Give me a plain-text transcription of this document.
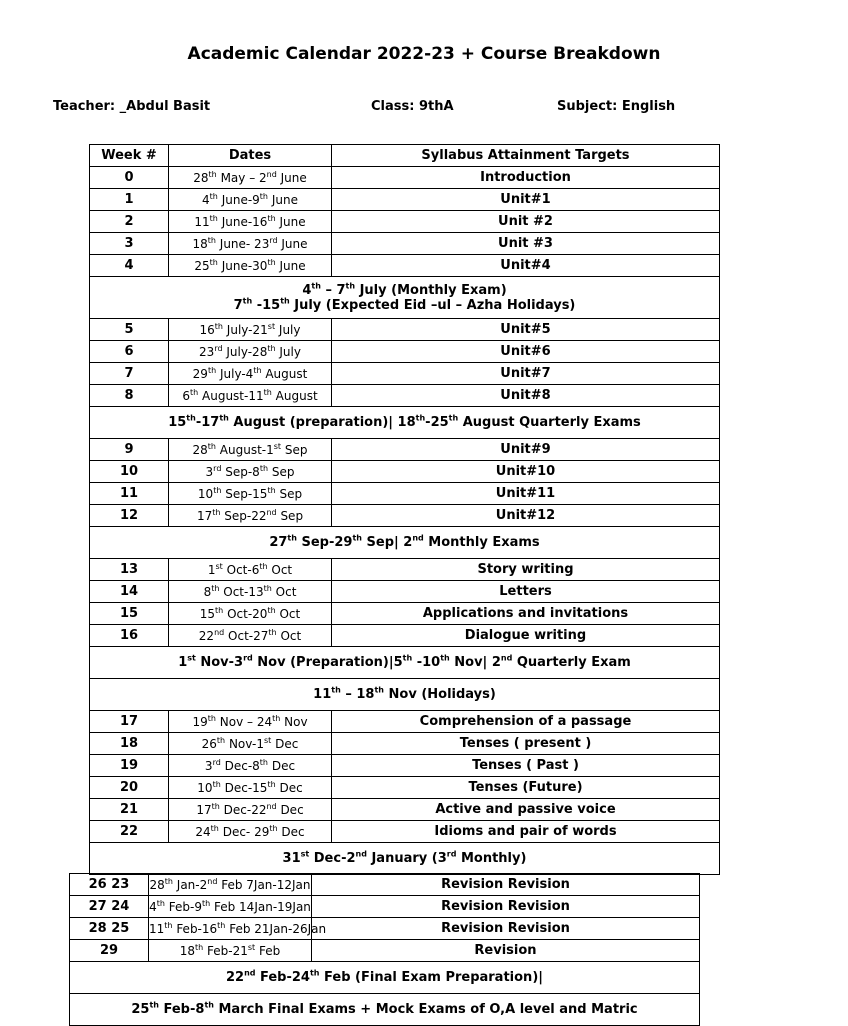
Academic Calendar 2022-23 + Course Breakdown
Teacher: _Abdul Basit	Class: 9thA	Subject: English
Week #	Dates	Syllabus Attainment Targets
0	28th May – 2nd June	Introduction
1	4th June-9th June	Unit#1
2	11th June-16th June	Unit #2
3	18th June- 23rd June	Unit #3
4	25th June-30th June	Unit#4
4th – 7th July (Monthly Exam)
7th -15th July (Expected Eid –ul – Azha Holidays)		
5	16th July-21st July	Unit#5
6	23rd July-28th July	Unit#6
7	29th July-4th August	Unit#7
8	6th August-11th August	Unit#8
15th-17th August (preparation)| 18th-25th August Quarterly Exams		
9	28th August-1st Sep	Unit#9
10	3rd Sep-8th Sep	Unit#10
11	10th Sep-15th Sep	Unit#11
12	17th Sep-22nd Sep	Unit#12
27th Sep-29th Sep| 2nd Monthly Exams		
13	1st Oct-6th Oct	Story writing
14	8th Oct-13th Oct	Letters
15	15th Oct-20th Oct	Applications and invitations
16	22nd Oct-27th Oct	Dialogue writing
1st Nov-3rd Nov (Preparation)|5th -10th Nov| 2nd Quarterly Exam		
11th – 18th Nov (Holidays)		
17	19th Nov – 24th Nov	Comprehension of a passage
18	26th Nov-1st Dec	Tenses ( present )
19	3rd Dec-8th Dec	Tenses ( Past )
20	10th Dec-15th Dec	Tenses (Future)
21	17th Dec-22nd Dec	Active and passive voice
22	24th Dec- 29th Dec	Idioms and pair of words
31st Dec-2nd January (3rd Monthly)		
26 23	28th Jan-2nd Feb 7Jan-12Jan	Revision Revision
27 24	4th Feb-9th Feb 14Jan-19Jan	Revision Revision
28 25	11th Feb-16th Feb 21Jan-26Jan	Revision Revision
29	18th Feb-21st Feb	Revision
22nd Feb-24th Feb (Final Exam Preparation)|		
25th Feb-8th March Final Exams + Mock Exams of O,A level and Matric		
